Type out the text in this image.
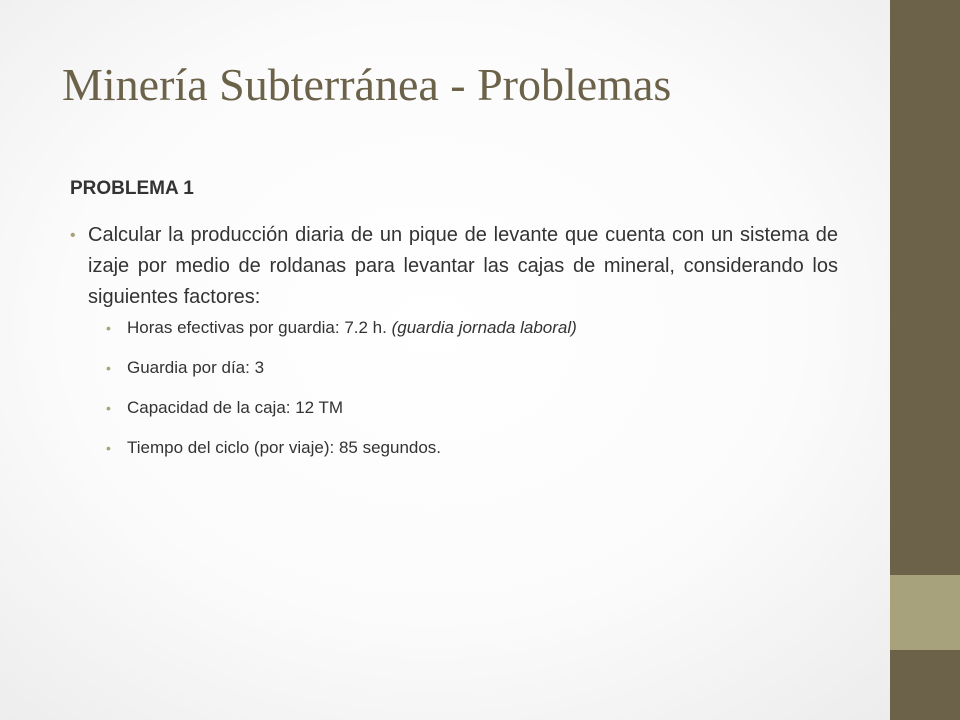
Minería Subterránea - Problemas

PROBLEMA 1

• Calcular la producción diaria de un pique de levante que cuenta con un sistema de izaje por medio de roldanas para levantar las cajas de mineral, considerando los siguientes factores:
• Horas efectivas por guardia: 7.2 h. (guardia jornada laboral)
• Guardia por día: 3
• Capacidad de la caja: 12 TM
• Tiempo del ciclo (por viaje): 85 segundos.
